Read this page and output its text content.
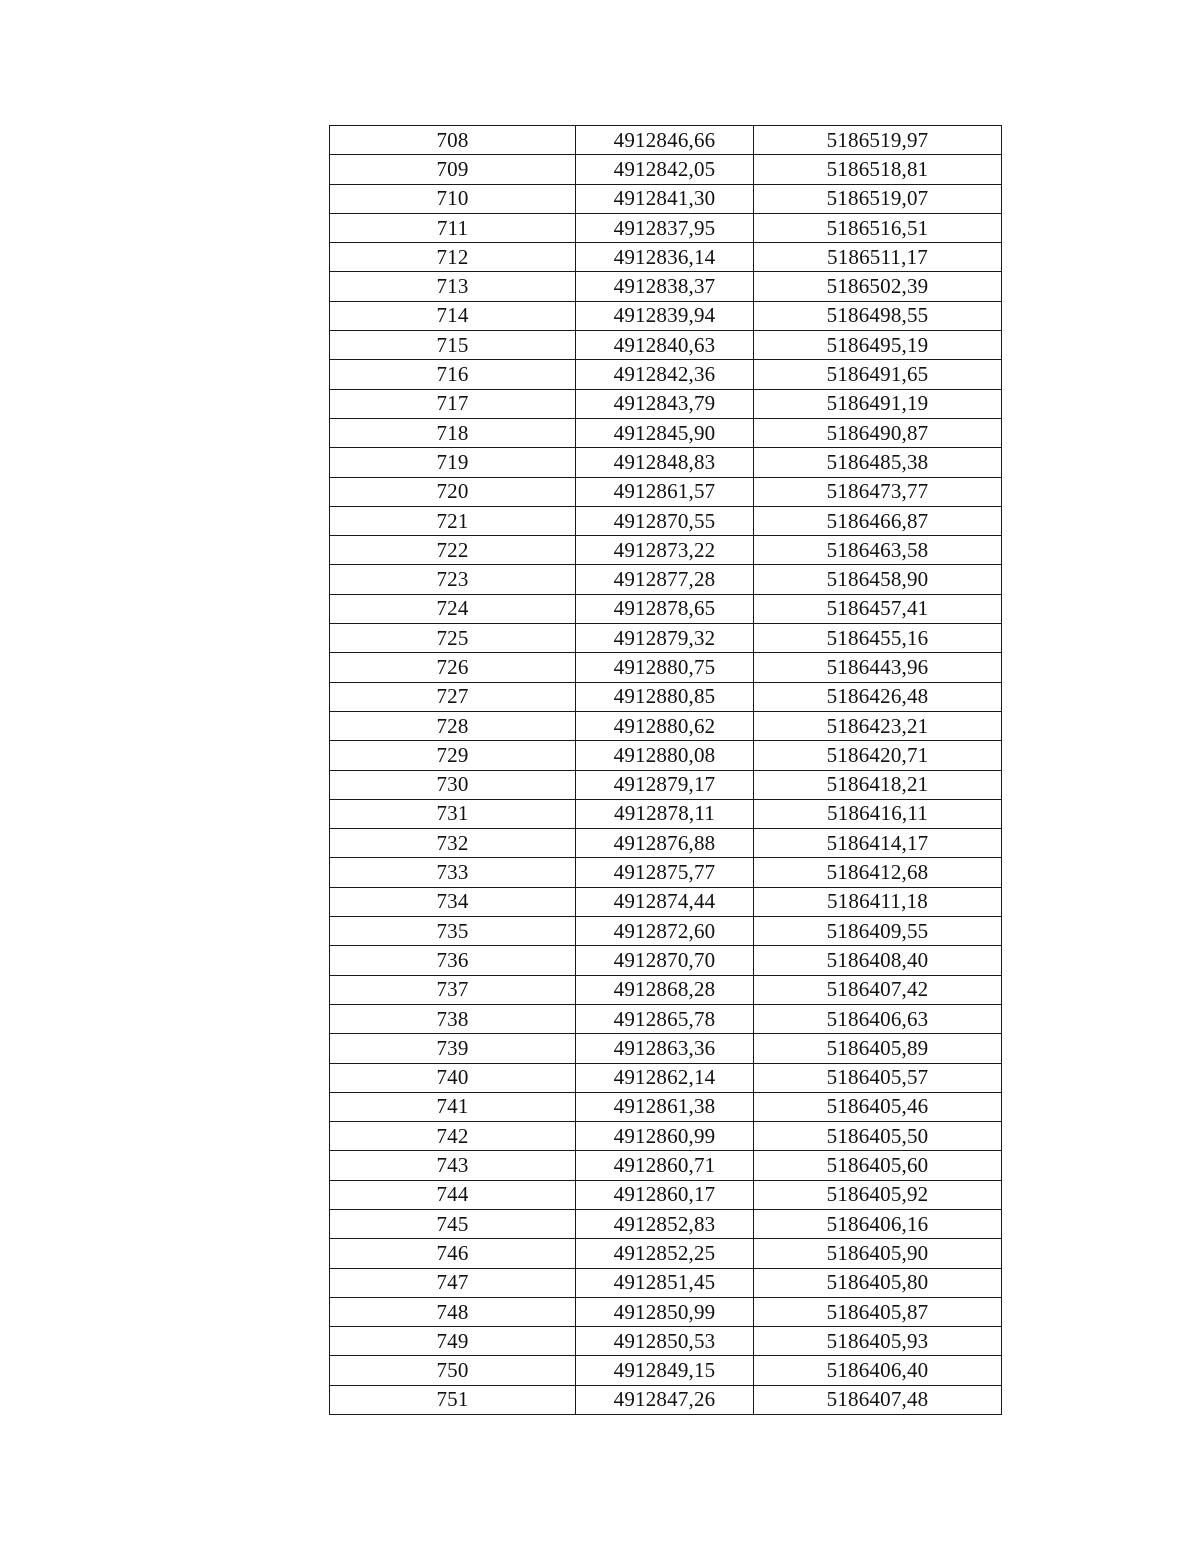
708	4912846,66	5186519,97
709	4912842,05	5186518,81
710	4912841,30	5186519,07
711	4912837,95	5186516,51
712	4912836,14	5186511,17
713	4912838,37	5186502,39
714	4912839,94	5186498,55
715	4912840,63	5186495,19
716	4912842,36	5186491,65
717	4912843,79	5186491,19
718	4912845,90	5186490,87
719	4912848,83	5186485,38
720	4912861,57	5186473,77
721	4912870,55	5186466,87
722	4912873,22	5186463,58
723	4912877,28	5186458,90
724	4912878,65	5186457,41
725	4912879,32	5186455,16
726	4912880,75	5186443,96
727	4912880,85	5186426,48
728	4912880,62	5186423,21
729	4912880,08	5186420,71
730	4912879,17	5186418,21
731	4912878,11	5186416,11
732	4912876,88	5186414,17
733	4912875,77	5186412,68
734	4912874,44	5186411,18
735	4912872,60	5186409,55
736	4912870,70	5186408,40
737	4912868,28	5186407,42
738	4912865,78	5186406,63
739	4912863,36	5186405,89
740	4912862,14	5186405,57
741	4912861,38	5186405,46
742	4912860,99	5186405,50
743	4912860,71	5186405,60
744	4912860,17	5186405,92
745	4912852,83	5186406,16
746	4912852,25	5186405,90
747	4912851,45	5186405,80
748	4912850,99	5186405,87
749	4912850,53	5186405,93
750	4912849,15	5186406,40
751	4912847,26	5186407,48
